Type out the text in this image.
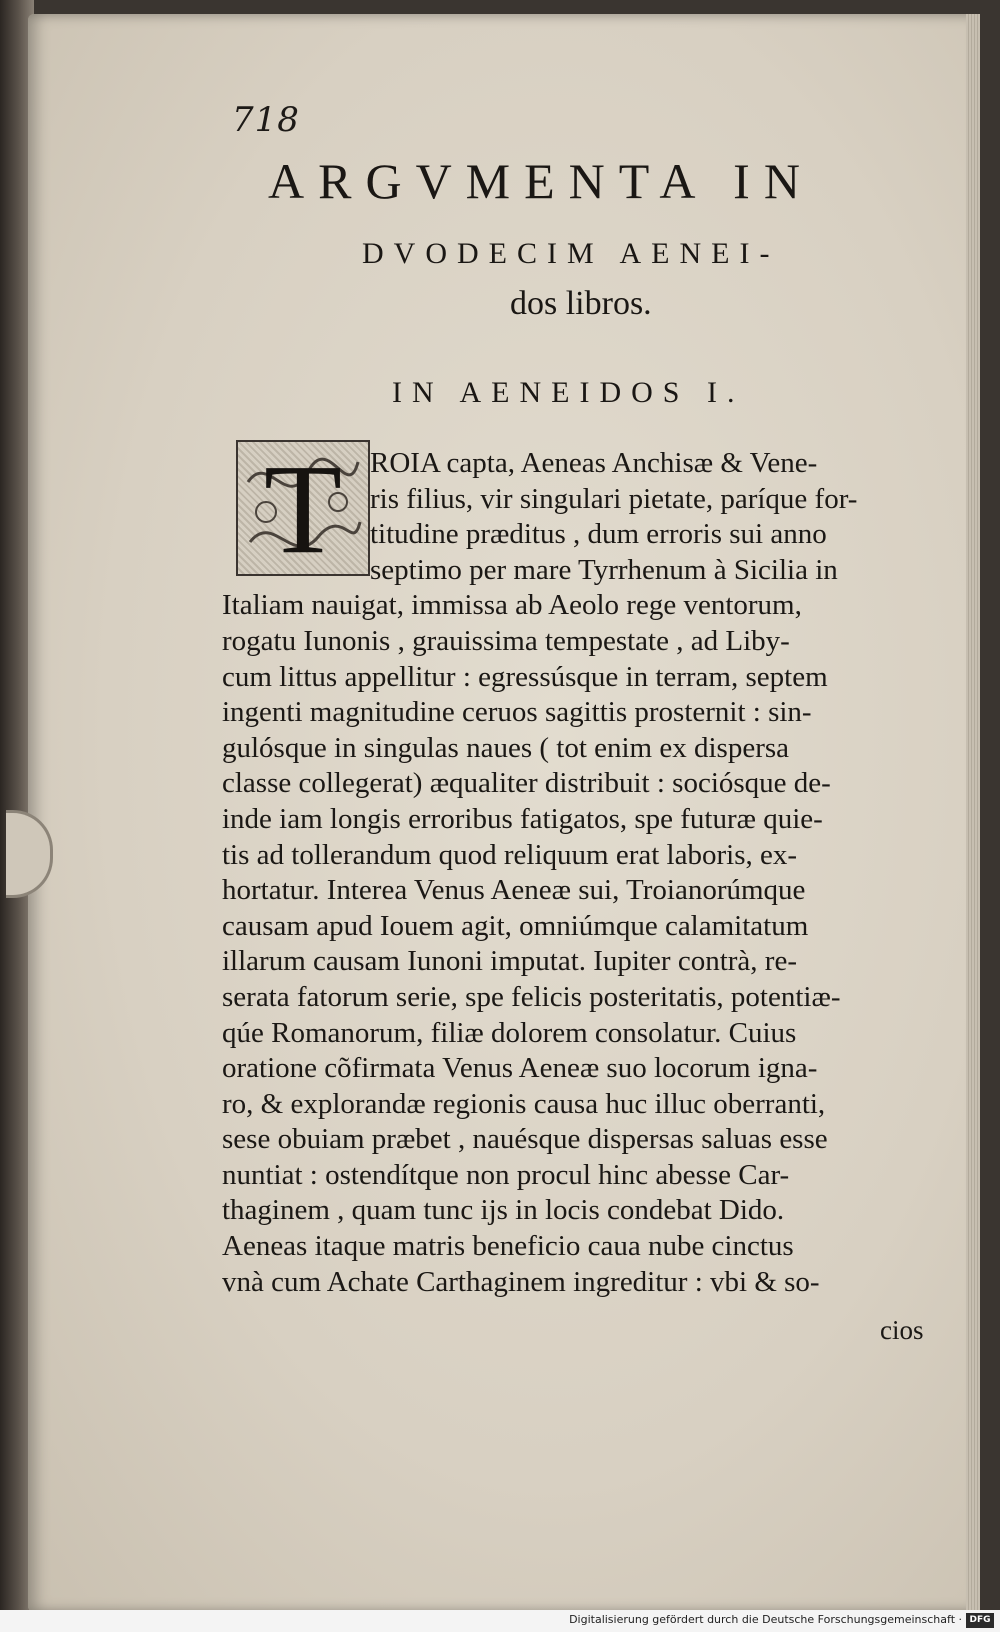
718
ARGVMENTA IN
DVODECIM AENEI-
dos libros.
IN AENEIDOS I.
T ROIA capta, Aeneas Anchisæ & Vene-
ris filius, vir singulari pietate, paríque for-
titudine præditus , dum erroris sui anno
septimo per mare Tyrrhenum à Sicilia in
Italiam nauigat, immissa ab Aeolo rege ventorum,
rogatu Iunonis , grauissima tempestate , ad Liby-
cum littus appellitur : egressúsque in terram, septem
ingenti magnitudine ceruos sagittis prosternit : sin-
gulósque in singulas naues ( tot enim ex dispersa
classe collegerat) æqualiter distribuit : sociósque de-
inde iam longis erroribus fatigatos, spe futuræ quie-
tis ad tollerandum quod reliquum erat laboris, ex-
hortatur. Interea Venus Aeneæ sui, Troianorúmque
causam apud Iouem agit, omniúmque calamitatum
illarum causam Iunoni imputat. Iupiter contrà, re-
serata fatorum serie, spe felicis posteritatis, potentiæ-
qúe Romanorum, filiæ dolorem consolatur. Cuius
oratione cõfirmata Venus Aeneæ suo locorum igna-
ro, & explorandæ regionis causa huc illuc oberranti,
sese obuiam præbet , nauésque dispersas saluas esse
nuntiat : ostendítque non procul hinc abesse Car-
thaginem , quam tunc ijs in locis condebat Dido.
Aeneas itaque matris beneficio caua nube cinctus
vnà cum Achate Carthaginem ingreditur : vbi & so-
cios
Digitalisierung gefördert durch die Deutsche Forschungsgemeinschaft · DFG
